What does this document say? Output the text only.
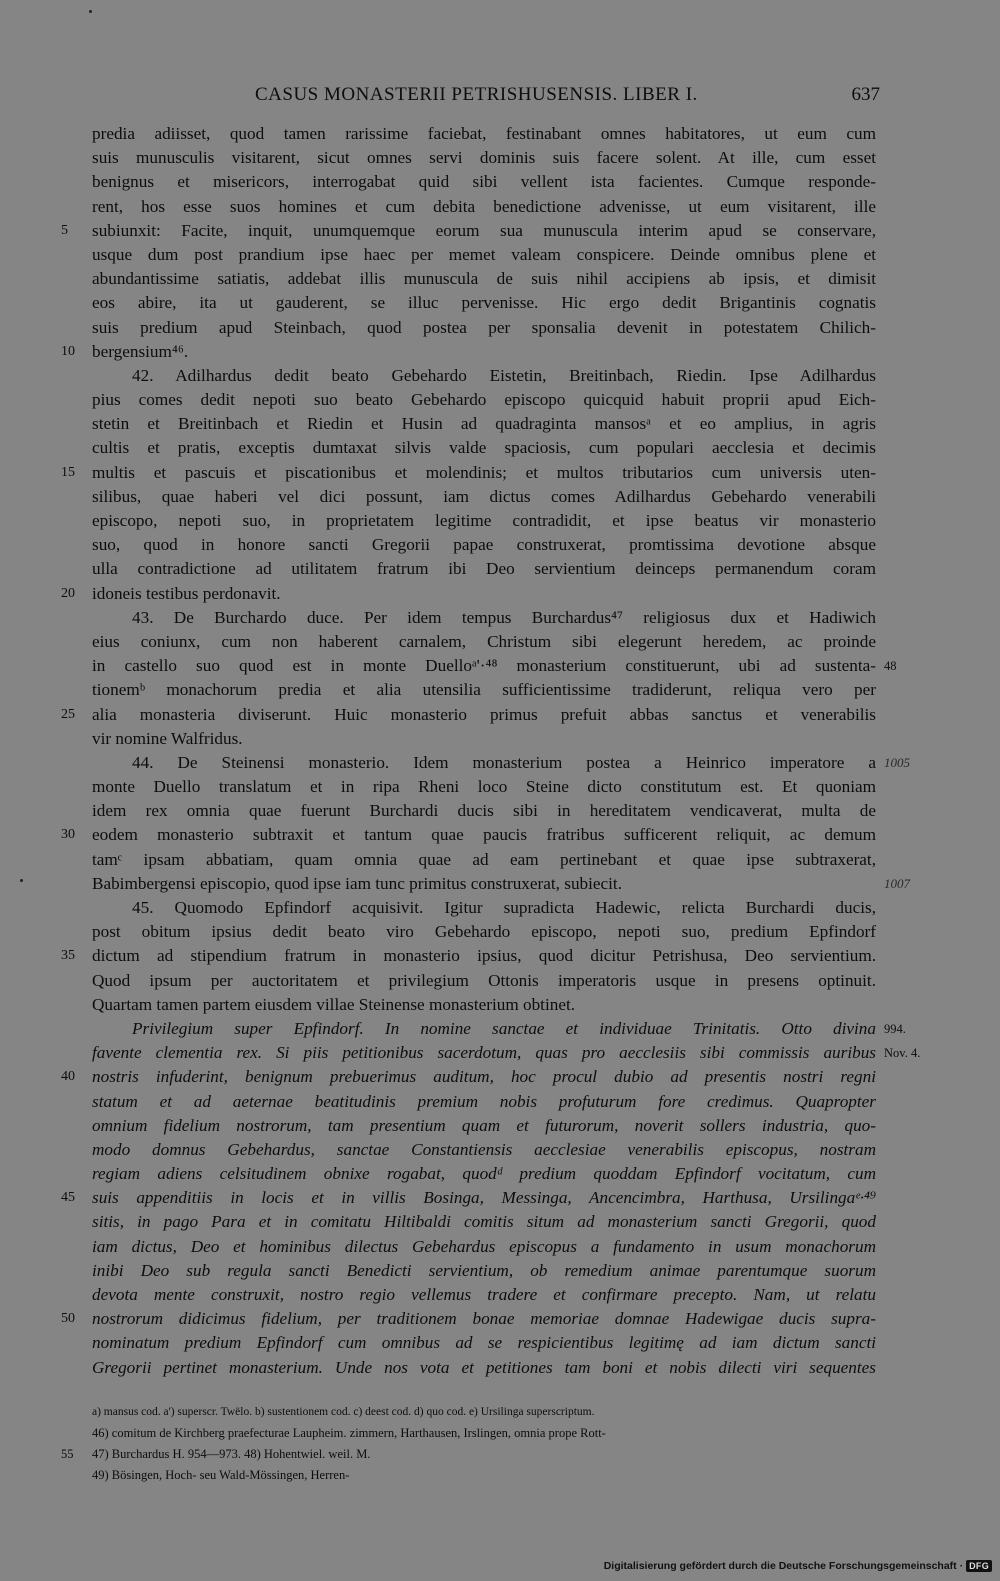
CASUS MONASTERII PETRISHUSENSIS. LIBER I.	637
predia adiisset, quod tamen rarissime faciebat, festinabant omnes habitatores, ut eum cum
suis munusculis visitarent, sicut omnes servi dominis suis facere solent. At ille, cum esset
benignus et misericors, interrogabat quid sibi vellent ista facientes. Cumque responde-
rent, hos esse suos homines et cum debita benedictione advenisse, ut eum visitarent, ille
5 subiunxit: Facite, inquit, unumquemque eorum sua munuscula interim apud se conservare,
usque dum post prandium ipse haec per memet valeam conspicere. Deinde omnibus plene et
abundantissime satiatis, addebat illis munuscula de suis nihil accipiens ab ipsis, et dimisit
eos abire, ita ut gauderent, se illuc pervenisse. Hic ergo dedit Brigantinis cognatis
suis predium apud Steinbach, quod postea per sponsalia devenit in potestatem Chilich-
10 bergensium⁴⁶.
42. Adilhardus dedit beato Gebehardo Eistetin, Breitinbach, Riedin. Ipse Adilhardus
pius comes dedit nepoti suo beato Gebehardo episcopo quicquid habuit proprii apud Eich-
stetin et Breitinbach et Riedin et Husin ad quadraginta mansosᵃ et eo amplius, in agris
cultis et pratis, exceptis dumtaxat silvis valde spaciosis, cum populari aecclesia et decimis
15 multis et pascuis et piscationibus et molendinis; et multos tributarios cum universis uten-
silibus, quae haberi vel dici possunt, iam dictus comes Adilhardus Gebehardo venerabili
episcopo, nepoti suo, in proprietatem legitime contradidit, et ipse beatus vir monasterio
suo, quod in honore sancti Gregorii papae construxerat, promtissima devotione absque
ulla contradictione ad utilitatem fratrum ibi Deo servientium deinceps permanendum coram
20 idoneis testibus perdonavit.
43. De Burchardo duce. Per idem tempus Burchardus⁴⁷ religiosus dux et Hadiwich
eius coniunx, cum non haberent carnalem, Christum sibi elegerunt heredem, ac proinde
in castello suo quod est in monte Duelloᵃ'·⁴⁸ monasterium constituerunt, ubi ad sustenta- 48
tionemᵇ monachorum predia et alia utensilia sufficientissime tradiderunt, reliqua vero per
25 alia monasteria diviserunt. Huic monasterio primus prefuit abbas sanctus et venerabilis
vir nomine Walfridus.
44. De Steinensi monasterio. Idem monasterium postea a Heinrico imperatore a 1005
monte Duello translatum et in ripa Rheni loco Steine dicto constitutum est. Et quoniam
idem rex omnia quae fuerunt Burchardi ducis sibi in hereditatem vendicaverat, multa de
30 eodem monasterio subtraxit et tantum quae paucis fratribus sufficerent reliquit, ac demum
tamᶜ ipsam abbatiam, quam omnia quae ad eam pertinebant et quae ipse subtraxerat,
Babimbergensi episcopio, quod ipse iam tunc primitus construxerat, subiecit.	1007
45. Quomodo Epfindorf acquisivit. Igitur supradicta Hadewic, relicta Burchardi ducis,
post obitum ipsius dedit beato viro Gebehardo episcopo, nepoti suo, predium Epfindorf
35 dictum ad stipendium fratrum in monasterio ipsius, quod dicitur Petrishusa, Deo servientium.
Quod ipsum per auctoritatem et privilegium Ottonis imperatoris usque in presens optinuit.
Quartam tamen partem eiusdem villae Steinense monasterium obtinet.
Privilegium super Epfindorf. In nomine sanctae et individuae Trinitatis. Otto divina 994.
favente clementia rex. Si piis petitionibus sacerdotum, quas pro aecclesiis sibi commissis auribus Nov. 4.
40 nostris infuderint, benignum prebuerimus auditum, hoc procul dubio ad presentis nostri regni
statum et ad aeternae beatitudinis premium nobis profuturum fore credimus. Quapropter
omnium fidelium nostrorum, tam presentium quam et futurorum, noverit sollers industria, quo-
modo domnus Gebehardus, sanctae Constantiensis aecclesiae venerabilis episcopus, nostram
regiam adiens celsitudinem obnixe rogabat, quodᵈ predium quoddam Epfindorf vocitatum, cum
45 suis appenditiis in locis et in villis Bosinga, Messinga, Ancencimbra, Harthusa, Ursilingaᵉ·⁴⁹
sitis, in pago Para et in comitatu Hiltibaldi comitis situm ad monasterium sancti Gregorii, quod
iam dictus, Deo et hominibus dilectus Gebehardus episcopus a fundamento in usum monachorum
inibi Deo sub regula sancti Benedicti servientium, ob remedium animae parentumque suorum
devota mente construxit, nostro regio vellemus tradere et confirmare precepto. Nam, ut relatu
50 nostrorum didicimus fidelium, per traditionem bonae memoriae domnae Hadewigae ducis supra-
nominatum predium Epfindorf cum omnibus ad se respicientibus legitimę ad iam dictum sancti
Gregorii pertinet monasterium. Unde nos vota et petitiones tam boni et nobis dilecti viri sequentes
a) mansus cod. a') superscr. Twëlo. b) sustentionem cod. c) deest cod. d) quo cod. e) Ursilinga superscriptum.
46) comitum de Kirchberg praefecturae Laupheim. zimmern, Harthausen, Irslingen, omnia prope Rott-
55 47) Burchardus H. 954—973. 48) Hohentwiel. weil. M.
49) Bösingen, Hoch- seu Wald-Mössingen, Herren-
Digitalisierung gefördert durch die Deutsche Forschungsgemeinschaft · DFG
